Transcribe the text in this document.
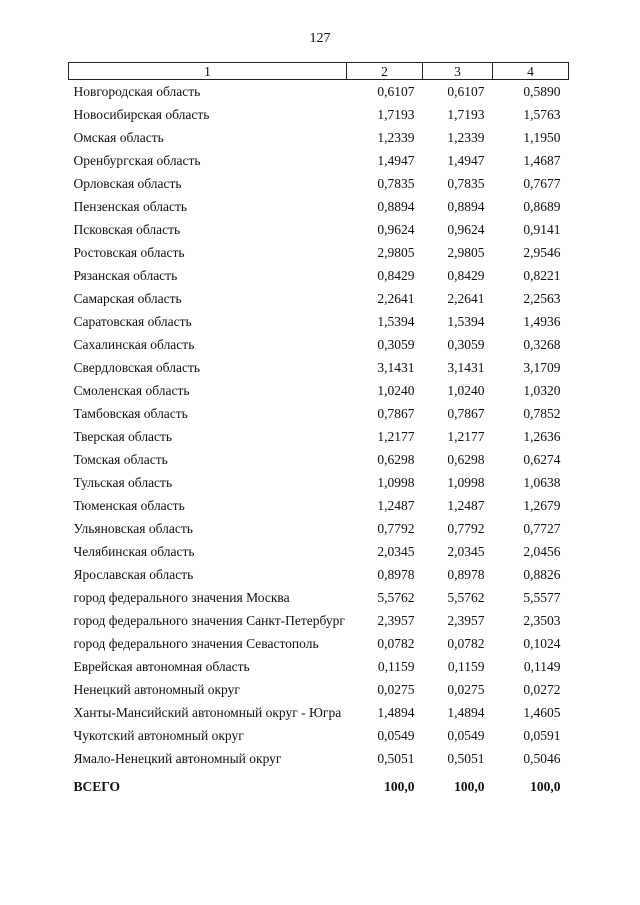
127
1	2	3	4
Новгородская область	0,6107	0,6107	0,5890
Новосибирская область	1,7193	1,7193	1,5763
Омская область	1,2339	1,2339	1,1950
Оренбургская область	1,4947	1,4947	1,4687
Орловская область	0,7835	0,7835	0,7677
Пензенская область	0,8894	0,8894	0,8689
Псковская область	0,9624	0,9624	0,9141
Ростовская область	2,9805	2,9805	2,9546
Рязанская область	0,8429	0,8429	0,8221
Самарская область	2,2641	2,2641	2,2563
Саратовская область	1,5394	1,5394	1,4936
Сахалинская область	0,3059	0,3059	0,3268
Свердловская область	3,1431	3,1431	3,1709
Смоленская область	1,0240	1,0240	1,0320
Тамбовская область	0,7867	0,7867	0,7852
Тверская область	1,2177	1,2177	1,2636
Томская область	0,6298	0,6298	0,6274
Тульская область	1,0998	1,0998	1,0638
Тюменская область	1,2487	1,2487	1,2679
Ульяновская область	0,7792	0,7792	0,7727
Челябинская область	2,0345	2,0345	2,0456
Ярославская область	0,8978	0,8978	0,8826
город федерального значения Москва	5,5762	5,5762	5,5577
город федерального значения Санкт-Петербург	2,3957	2,3957	2,3503
город федерального значения Севастополь	0,0782	0,0782	0,1024
Еврейская автономная область	0,1159	0,1159	0,1149
Ненецкий автономный округ	0,0275	0,0275	0,0272
Ханты-Мансийский автономный округ - Югра	1,4894	1,4894	1,4605
Чукотский автономный округ	0,0549	0,0549	0,0591
Ямало-Ненецкий автономный округ	0,5051	0,5051	0,5046
ВСЕГО	100,0	100,0	100,0
